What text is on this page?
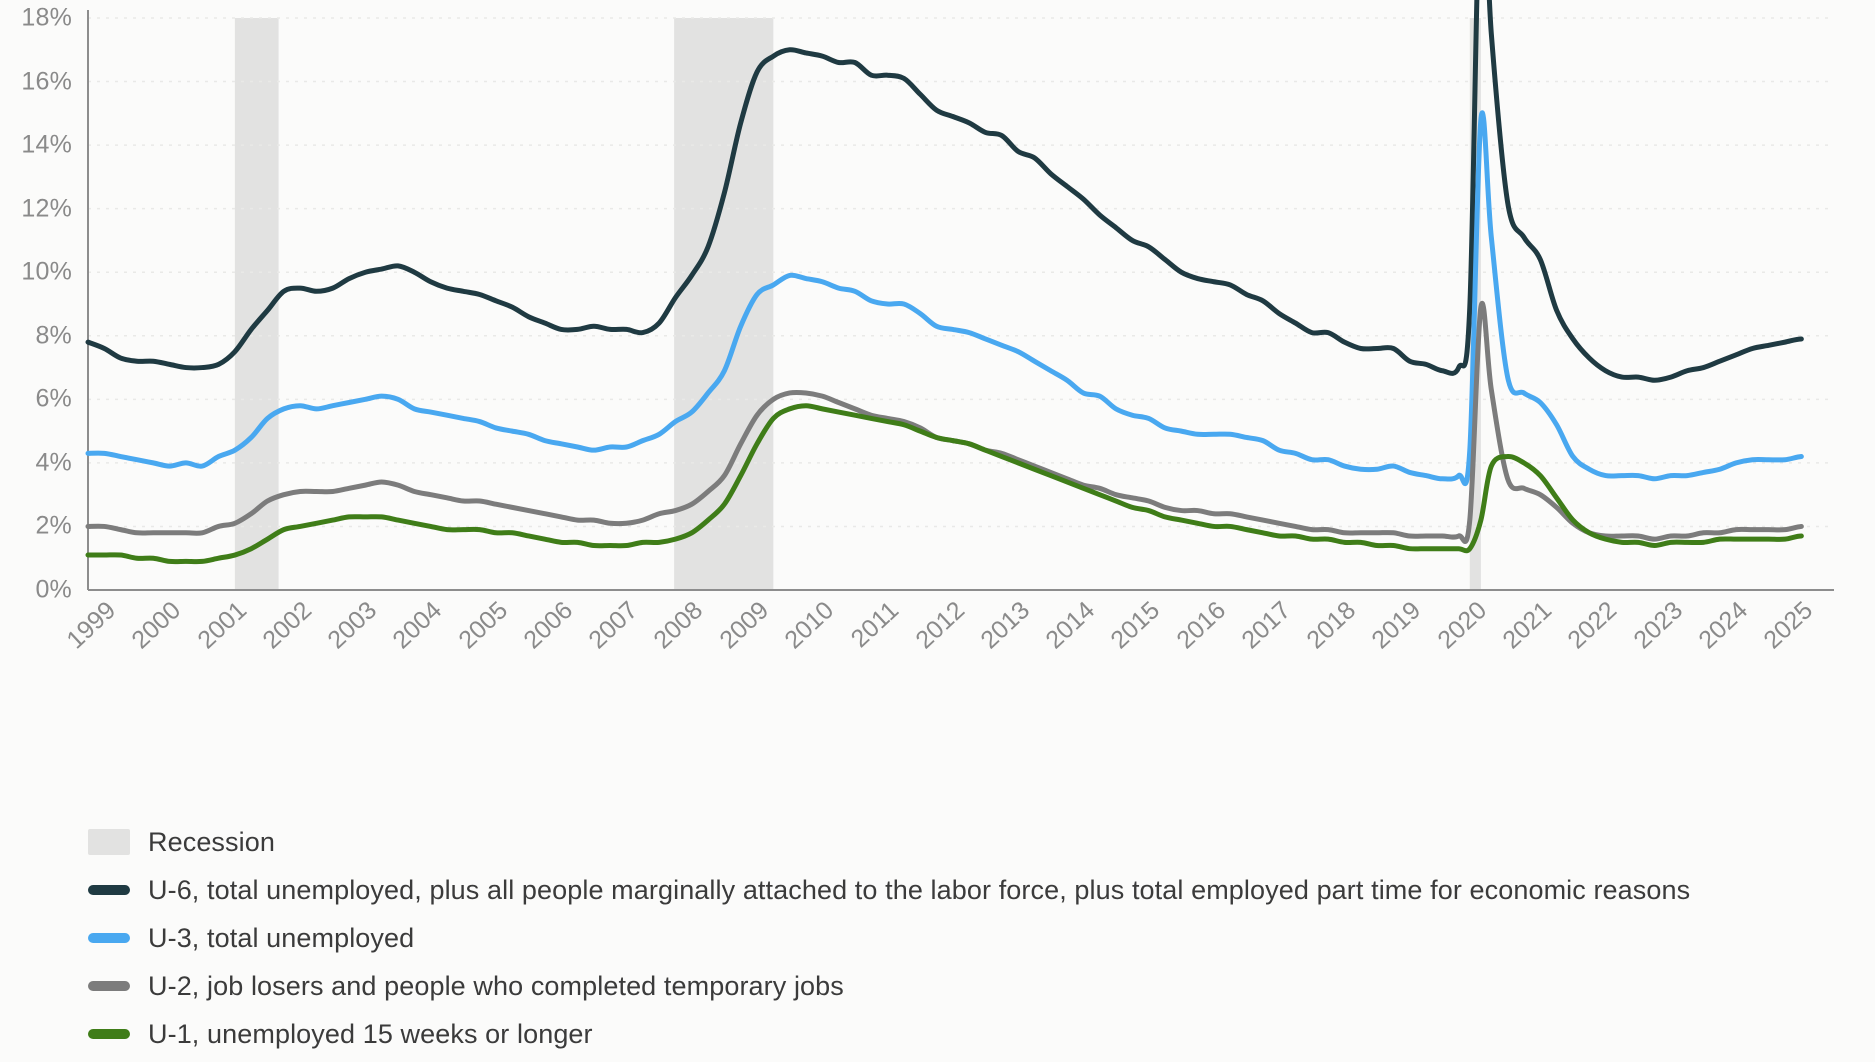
0%
2%
4%
6%
8%
10%
12%
14%
16%
18%
1999 2000 2001 2002 2003 2004 2005 2006 2007 2008 2009 2010 2011 2012 2013 2014 2015 2016 2017 2018 2019 2020 2021 2022 2023 2024 2025
Recession
U-6, total unemployed, plus all people marginally attached to the labor force, plus total employed part time for economic reasons
U-3, total unemployed
U-2, job losers and people who completed temporary jobs
U-1, unemployed 15 weeks or longer
